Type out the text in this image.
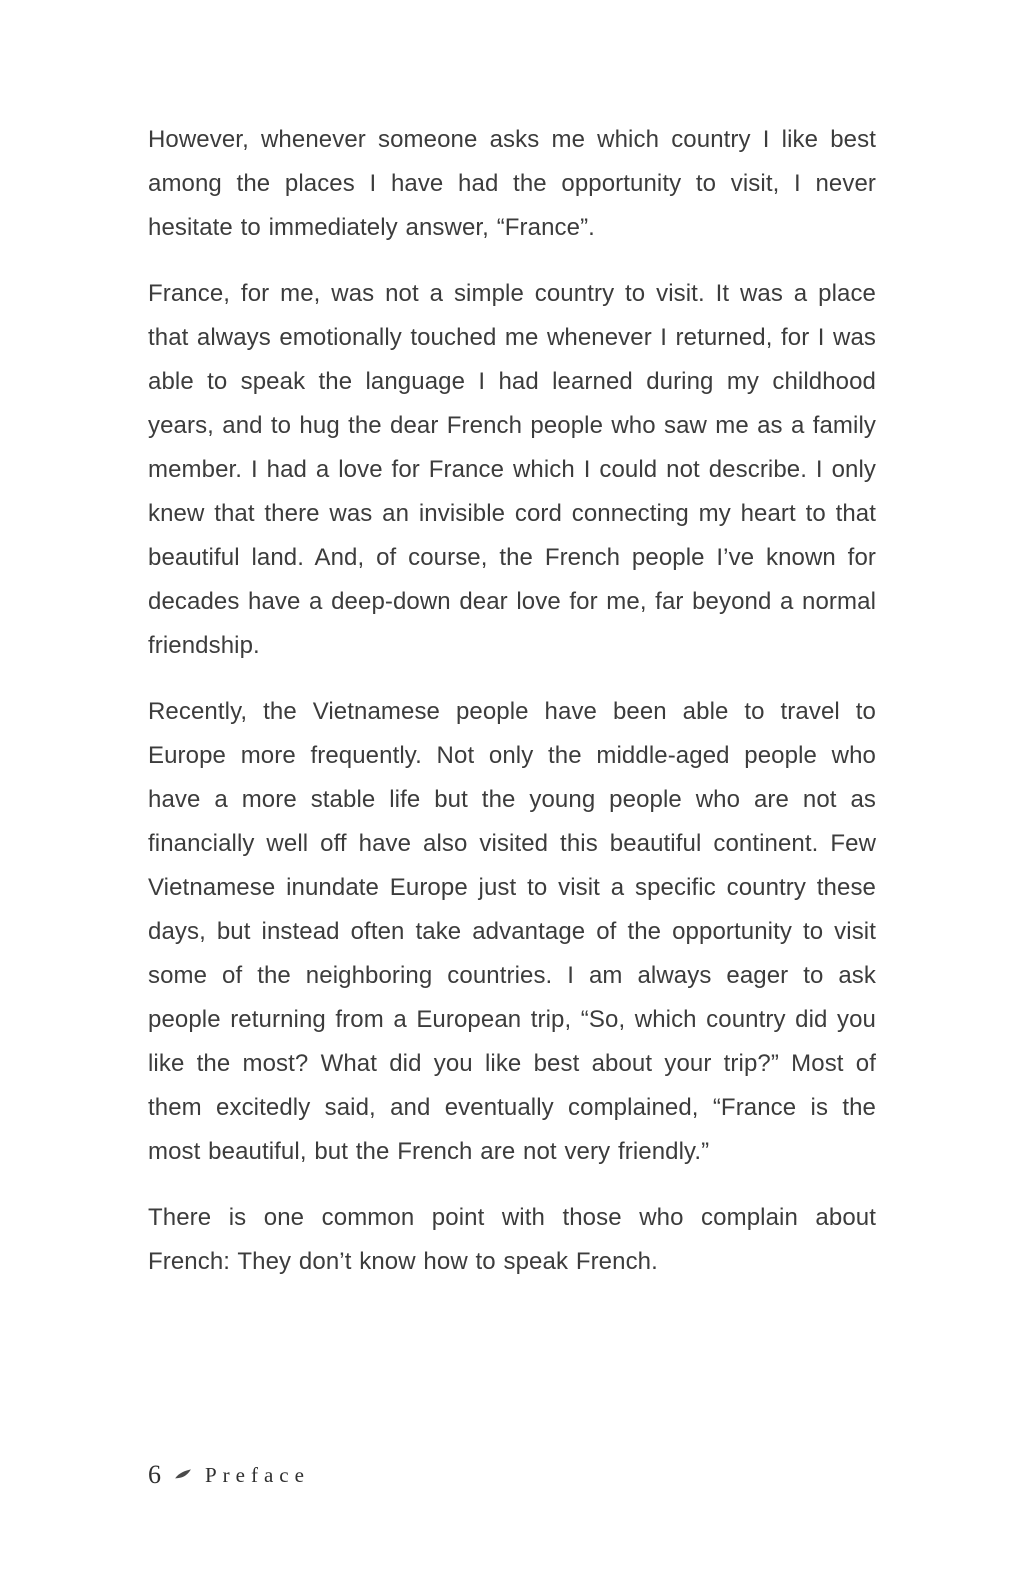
However, whenever someone asks me which country I like best among the places I have had the opportunity to visit, I never hesitate to immediately answer, “France”.

France, for me, was not a simple country to visit. It was a place that always emotionally touched me whenever I returned, for I was able to speak the language I had learned during my childhood years, and to hug the dear French people who saw me as a family member. I had a love for France which I could not describe. I only knew that there was an invisible cord connecting my heart to that beautiful land. And, of course, the French people I’ve known for decades have a deep-down dear love for me, far beyond a normal friendship.

Recently, the Vietnamese people have been able to travel to Europe more frequently. Not only the middle-aged people who have a more stable life but the young people who are not as financially well off have also visited this beautiful continent. Few Vietnamese inundate Europe just to visit a specific country these days, but instead often take advantage of the opportunity to visit some of the neighboring countries. I am always eager to ask people returning from a European trip, “So, which country did you like the most? What did you like best about your trip?” Most of them excitedly said, and eventually complained, “France is the most beautiful, but the French are not very friendly.”

There is one common point with those who complain about French: They don’t know how to speak French.

6 Preface
